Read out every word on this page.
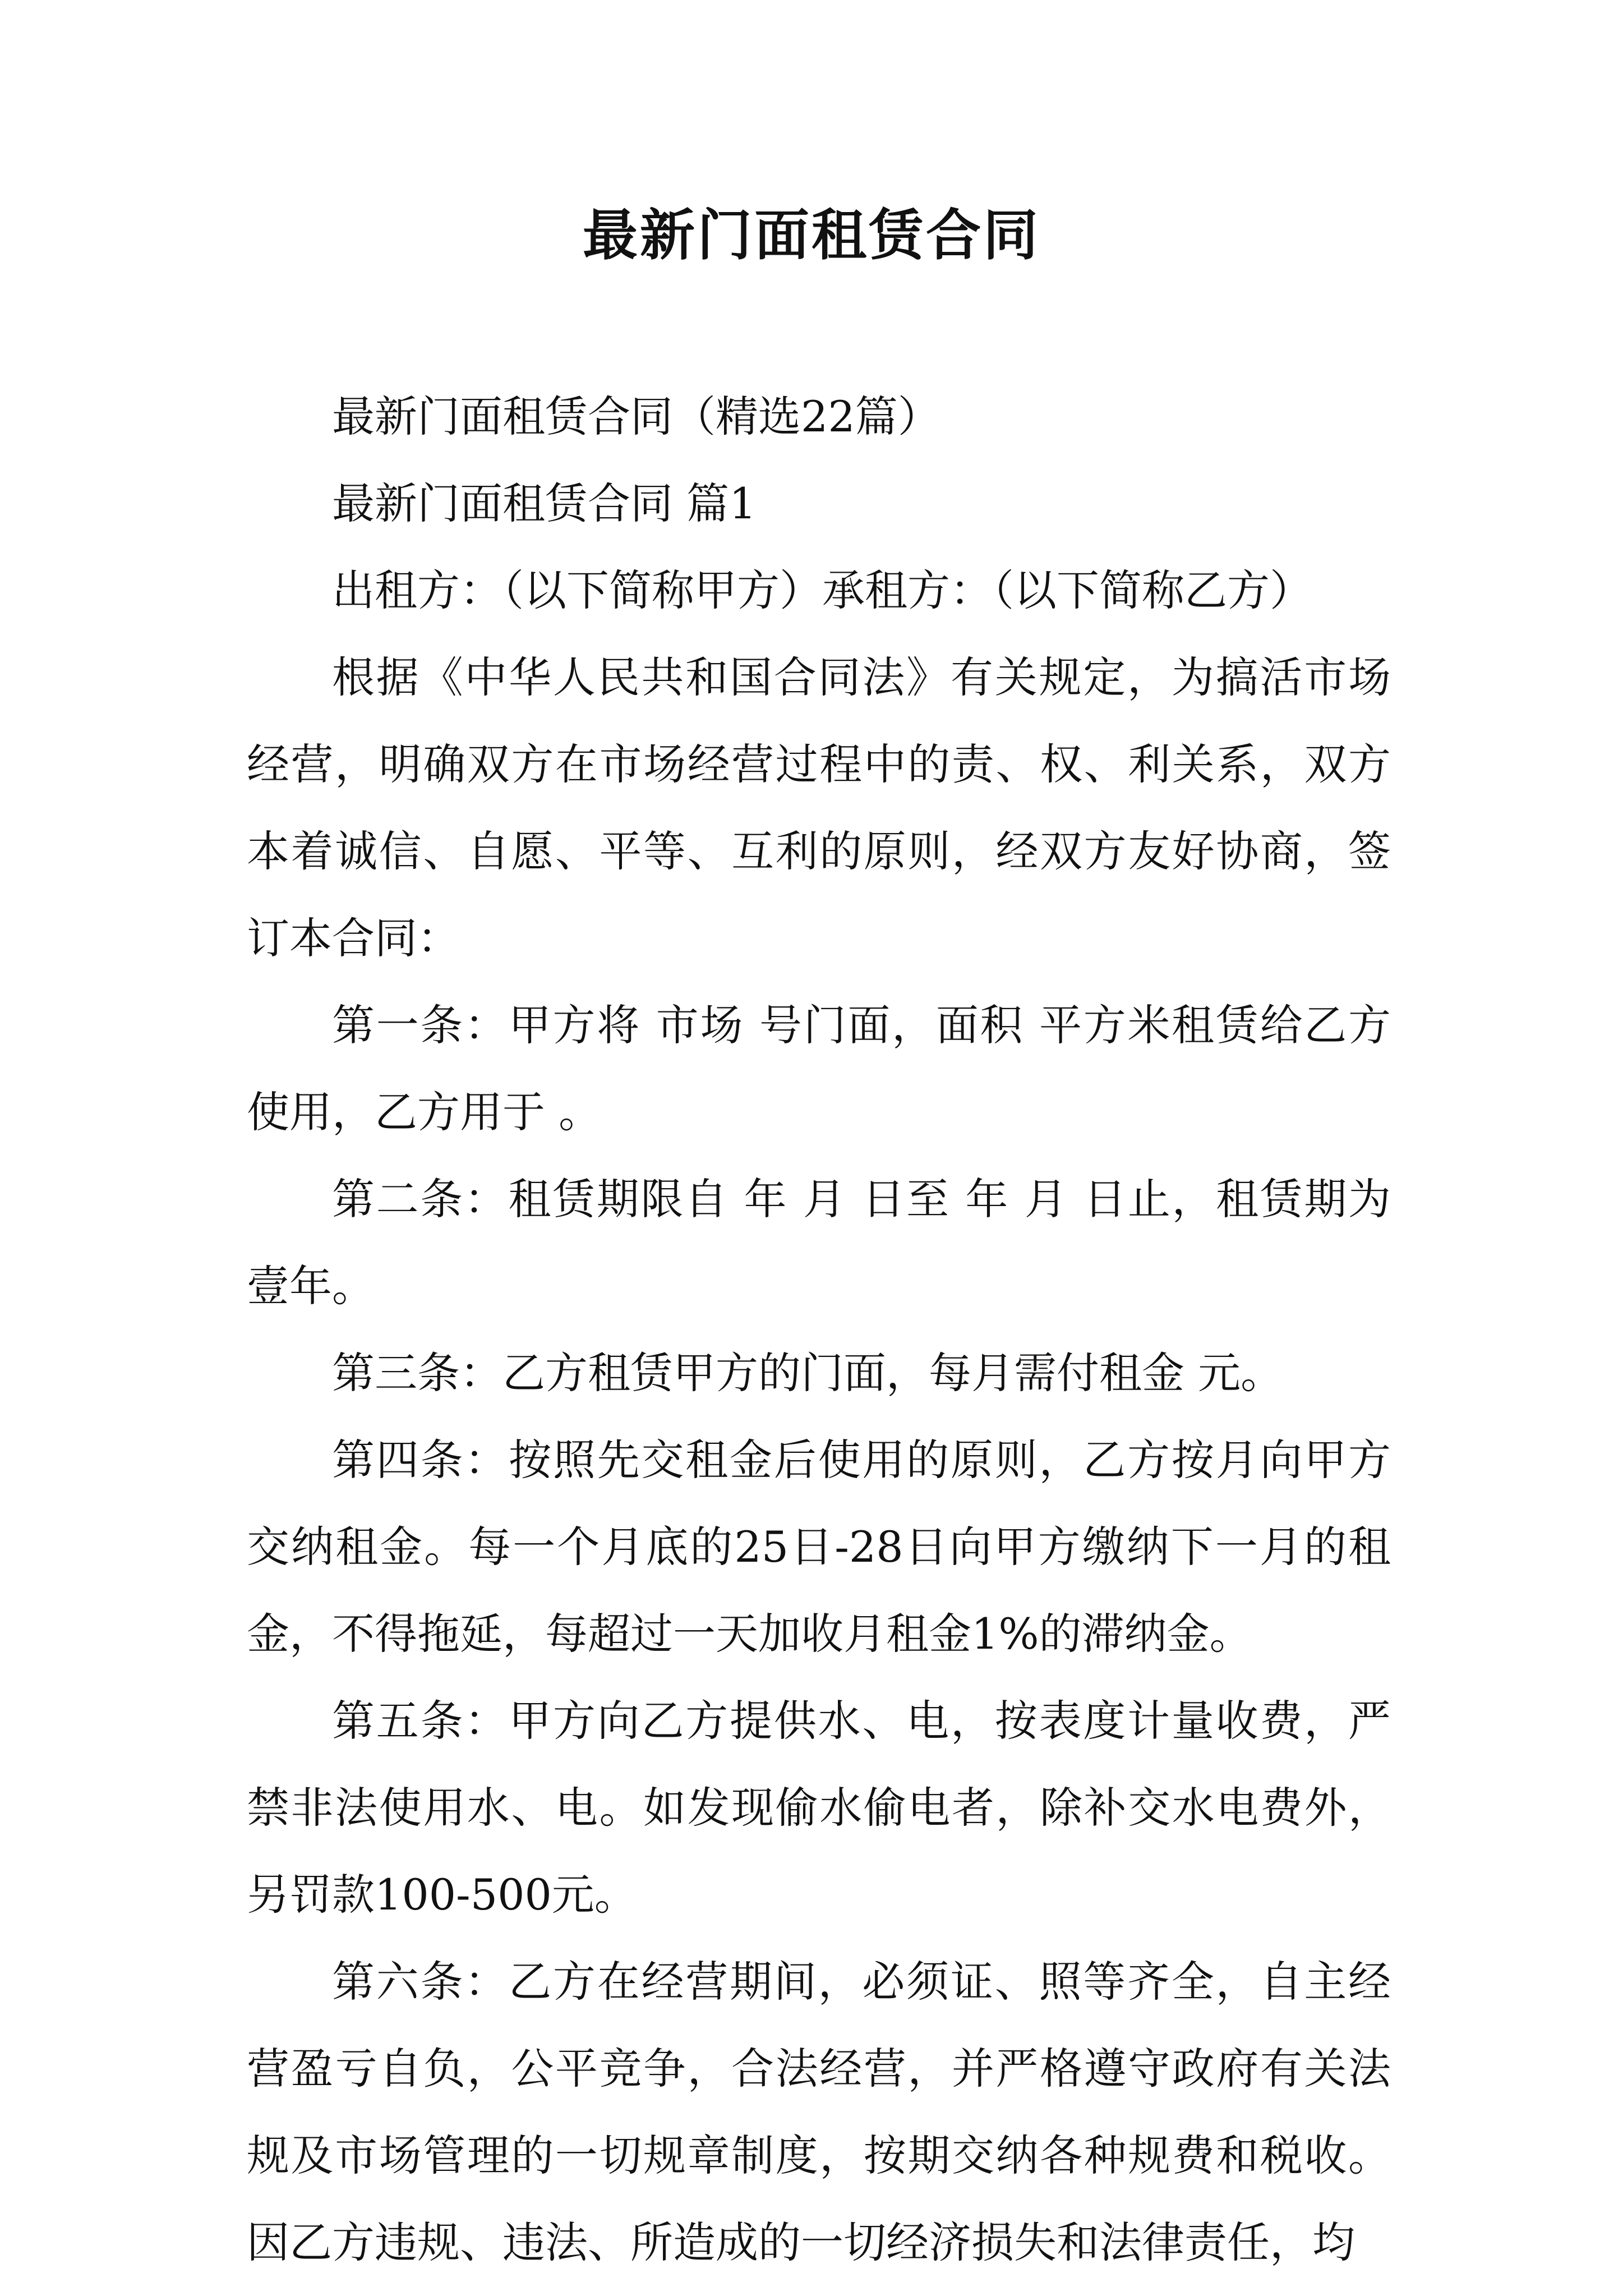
最新门面租赁合同

最新门面租赁合同（精选22篇）

最新门面租赁合同 篇1

出租方：（以下简称甲方）承租方：（以下简称乙方）

根据《中华人民共和国合同法》有关规定，为搞活市场经营，明确双方在市场经营过程中的责、权、利关系，双方本着诚信、自愿、平等、互利的原则，经双方友好协商，签订本合同：

第一条：甲方将 市场 号门面，面积 平方米租赁给乙方使用，乙方用于 。

第二条：租赁期限自 年 月 日至 年 月 日止，租赁期为壹年。

第三条：乙方租赁甲方的门面，每月需付租金 元。

第四条：按照先交租金后使用的原则，乙方按月向甲方交纳租金。每一个月底的25日-28日向甲方缴纳下一月的租金，不得拖延，每超过一天加收月租金1%的滞纳金。

第五条：甲方向乙方提供水、电，按表度计量收费，严禁非法使用水、电。如发现偷水偷电者，除补交水电费外，另罚款100-500元。

第六条：乙方在经营期间，必须证、照等齐全，自主经营盈亏自负，公平竞争，合法经营，并严格遵守政府有关法规及市场管理的一切规章制度，按期交纳各种规费和税收。因乙方违规、违法、所造成的一切经济损失和法律责任，均
